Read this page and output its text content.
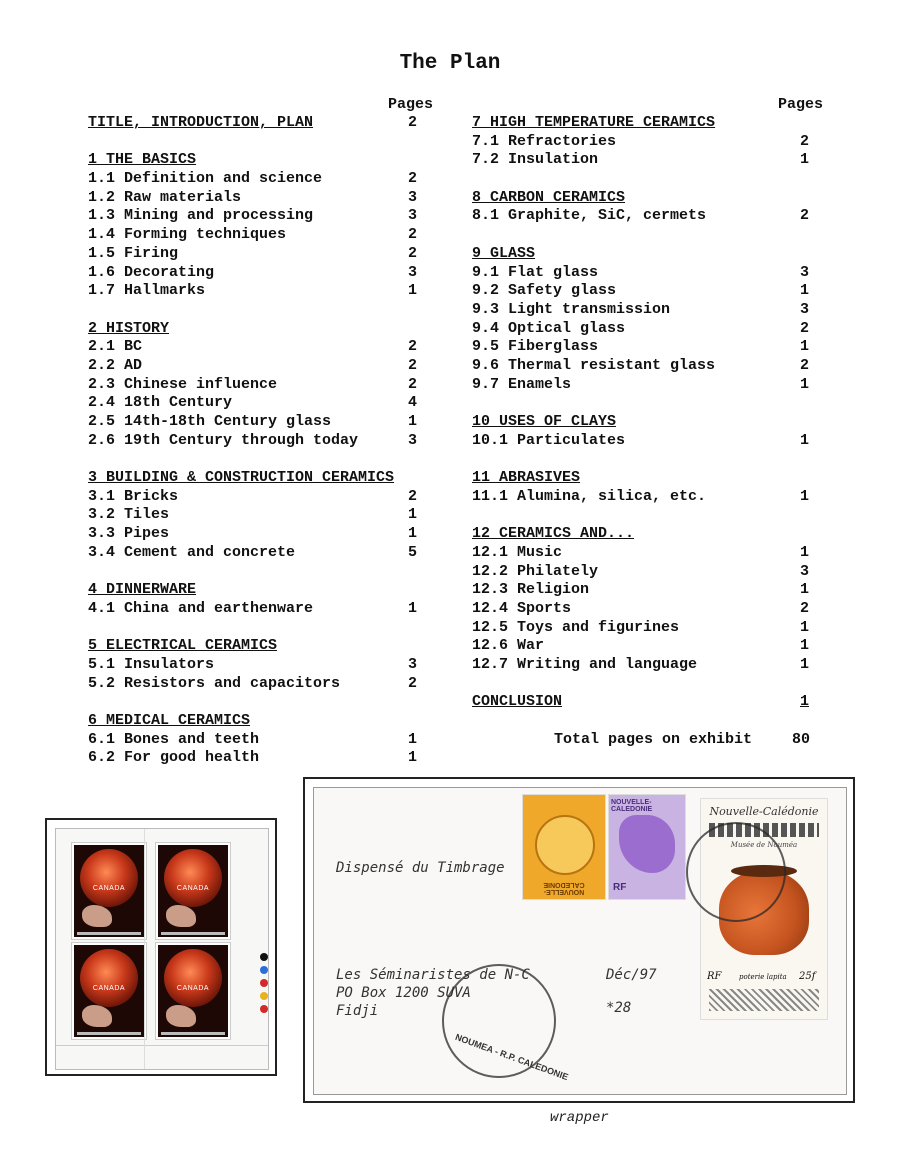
The Plan
Pages	Pages
TITLE, INTRODUCTION, PLAN	2
1 THE BASICS
1.1 Definition and science	2
1.2 Raw materials	3
1.3 Mining and processing	3
1.4 Forming techniques	2
1.5 Firing	2
1.6 Decorating	3
1.7 Hallmarks	1
2 HISTORY
2.1 BC	2
2.2 AD	2
2.3 Chinese influence	2
2.4 18th Century	4
2.5 14th-18th Century glass	1
2.6 19th Century through today	3
3 BUILDING & CONSTRUCTION CERAMICS
3.1 Bricks	2
3.2 Tiles	1
3.3 Pipes	1
3.4 Cement and concrete	5
4 DINNERWARE
4.1 China and earthenware	1
5 ELECTRICAL CERAMICS
5.1 Insulators	3
5.2 Resistors and capacitors	2
6 MEDICAL CERAMICS
6.1 Bones and teeth	1
6.2 For good health	1
7 HIGH TEMPERATURE CERAMICS
7.1 Refractories	2
7.2 Insulation	1
8 CARBON CERAMICS
8.1 Graphite, SiC, cermets	2
9 GLASS
9.1 Flat glass	3
9.2 Safety glass	1
9.3 Light transmission	3
9.4 Optical glass	2
9.5 Fiberglass	1
9.6 Thermal resistant glass	2
9.7 Enamels	1
10 USES OF CLAYS
10.1 Particulates	1
11 ABRASIVES
11.1 Alumina, silica, etc.	1
12 CERAMICS AND...
12.1 Music	1
12.2 Philately	3
12.3 Religion	1
12.4 Sports	2
12.5 Toys and figurines	1
12.6 War	1
12.7 Writing and language	1
CONCLUSION	1
Total pages on exhibit	80
CANADA	CANADA
CANADA	CANADA
Dispensé du Timbrage
Les Séminaristes de N-C
PO Box 1200 SUVA
Fidji
Déc/97
*28
NOUVELLE-CALEDONIE
NOUVELLE-CALEDONIE
RF
Nouvelle-Calédonie
Musée de Nouméa
RF	poterie lapita 25f
NOUMEA - R.P. CALEDONIE
wrapper
